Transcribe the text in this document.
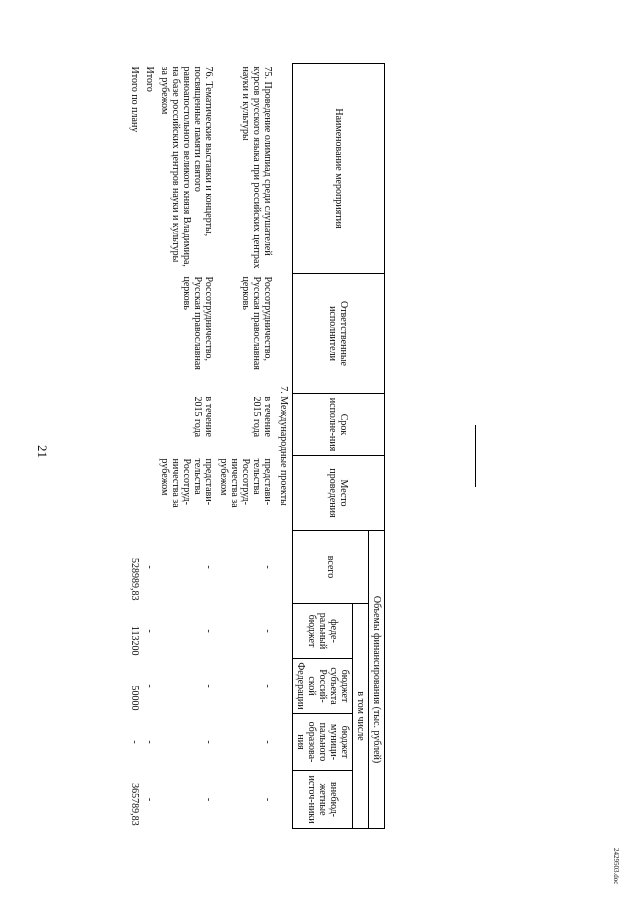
21
Наименование мероприятия	Ответственные исполнители	Срок исполне-ния	Место проведения	Объемы финансирования (тыс. рублей)				
				всего	в том числе			
					феде-ральный бюджет	бюджет субъекта Россий-ской Федерации	бюджет муници-пального образова-ния	внебюд-жетные источ-ники
7. Международные проекты								
75. Проведение олимпиад среди слушателей курсов русского языка при российских центрах науки и культуры	Россотрудничество, Русская православная церковь	в течение 2015 года	представи-тельства Россотруд-ничества за рубежом	-	-	-	-	-
76. Тематические выставки и концерты, посвященные памяти святого равноапостольного великого князя Владимира, на базе российских центров науки и культуры за рубежом	Россотрудничество, Русская православная церковь	в течение 2015 года	представи-тельства Россотруд-ничества за рубежом	-	-	-	-	-
Итого				-	-	-	-	-
Итого по плану				528989,83	113200	50000	-	365789,83
2429503.doc
